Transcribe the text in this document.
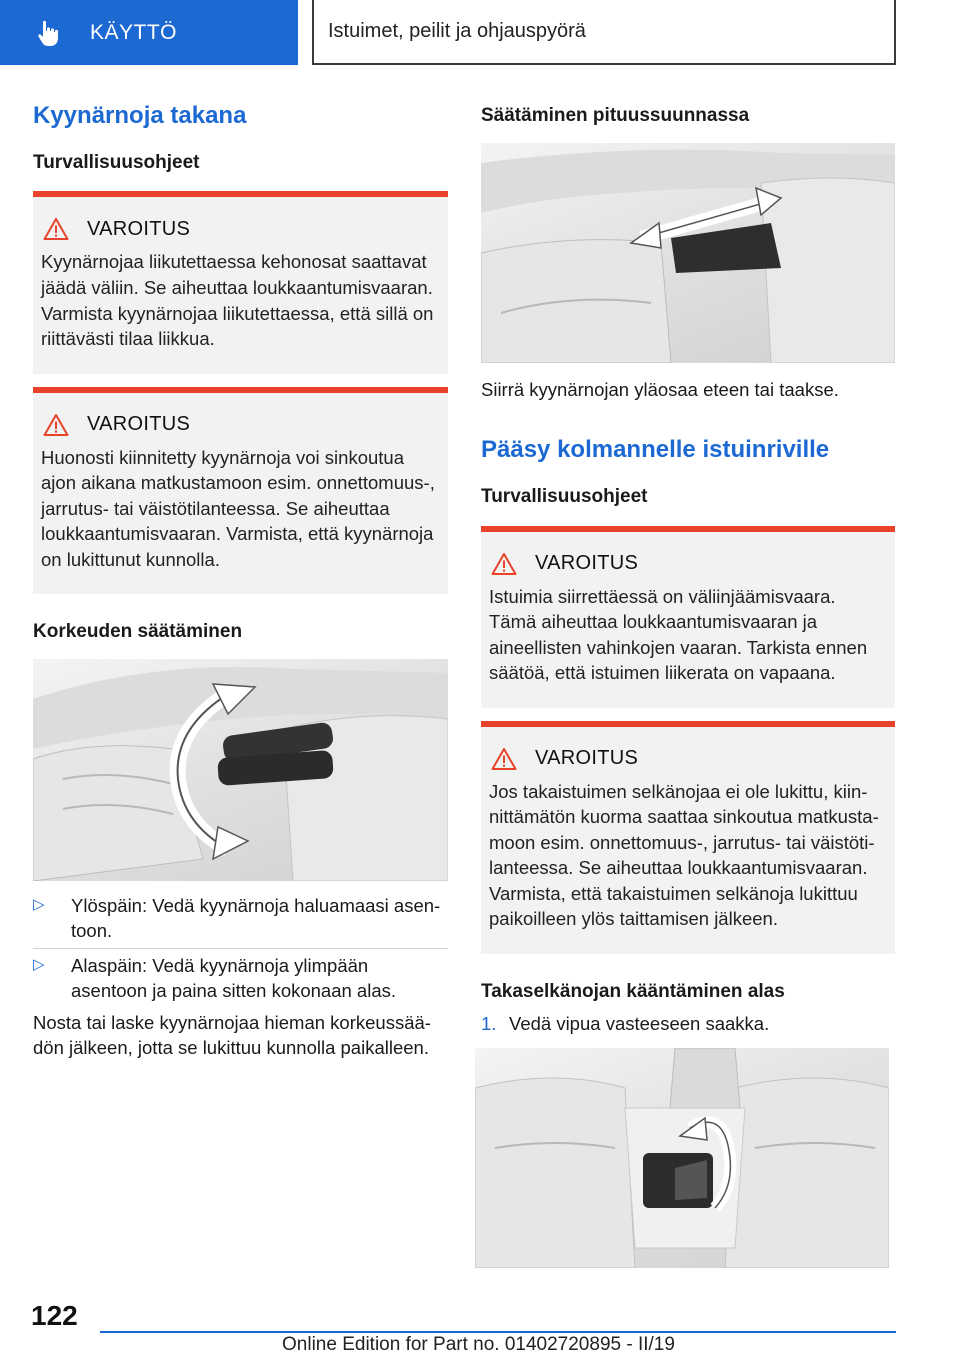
KÄYTTÖ	Istuimet, peilit ja ohjauspyörä
Kyynärnoja takana
Turvallisuusohjeet
VAROITUS
Kyynärnojaa liikutettaessa kehonosat saattavat jäädä väliin. Se aiheuttaa loukkaantumisvaaran. Varmista kyynärnojaa liikutettaessa, että sillä on riittävästi tilaa liikkua.
VAROITUS
Huonosti kiinnitetty kyynärnoja voi sinkoutua ajon aikana matkustamoon esim. onnettomuus-, jarrutus- tai väistötilanteessa. Se aiheuttaa loukkaantumisvaaran. Varmista, että kyynärnoja on lukittunut kunnolla.
Korkeuden säätäminen
▷	Ylöspäin: Vedä kyynärnoja haluamaasi asentoon.
▷	Alaspäin: Vedä kyynärnoja ylimpään asentoon ja paina sitten kokonaan alas.

Nosta tai laske kyynärnojaa hieman korkeussäädön jälkeen, jotta se lukittuu kunnolla paikalleen.

Säätäminen pituussuunnassa

Siirrä kyynärnojan yläosaa eteen tai taakse.

Pääsy kolmannelle istuinriville
Turvallisuusohjeet
VAROITUS
Istuimia siirrettäessä on väliinjäämisvaara. Tämä aiheuttaa loukkaantumisvaaran ja aineellisten vahinkojen vaaran. Tarkista ennen säätöä, että istuimen liikerata on vapaana.
VAROITUS
Jos takaistuimen selkänojaa ei ole lukittu, kiinnittämätön kuorma saattaa sinkoutua matkustamoon esim. onnettomuus-, jarrutus- tai väistötilanteessa. Se aiheuttaa loukkaantumisvaaran. Varmista, että takaistuimen selkänoja lukittuu paikoilleen ylös taittamisen jälkeen.
Takaselkänojan kääntäminen alas
1. Vedä vipua vasteeseen saakka.
122
Online Edition for Part no. 01402720895 - II/19
